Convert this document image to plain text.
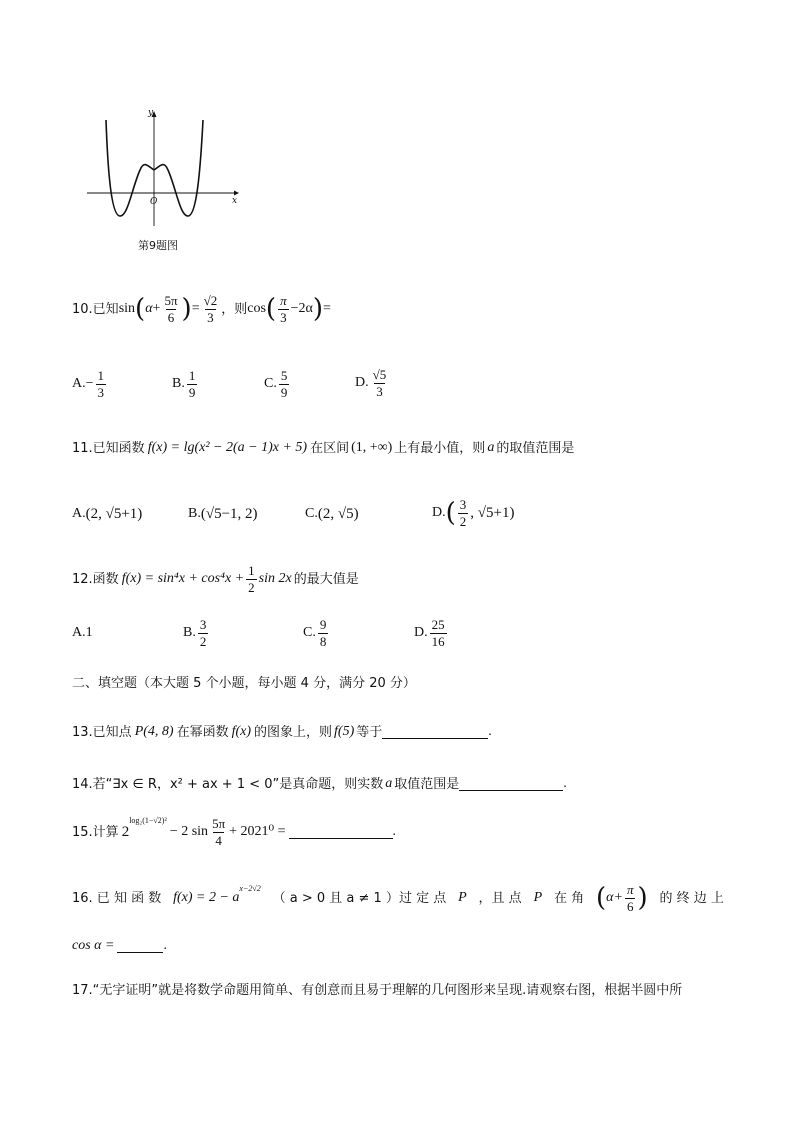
y
x
O
第9题图
10.已知 sin ( $\alpha + \frac{5\pi}{6}$ ) = $\frac{√2}{3}$ ，则 cos ( $\frac{\pi}{3} -2\alpha$ ) =
A. − $\frac{1}{3}$	B. $\frac{1}{9}$	C. $\frac{5}{9}$	D. $\frac{√5}{3}$
11.已知函数 f(x) = lg(x² − 2(a − 1)x + 5) 在区间 (1, +∞) 上有最小值，则 a 的取值范围是
A. (2, √5+1)	B. (√5−1, 2)	C. (2, √5)	D. ( $\frac{3}{2}$ , √5+1)
12.函数 $f(x) = \sin^4x + \cos^4x + \frac{1}{2}$ sin 2x 的最大值是
A. 1	B. $\frac{3}{2}$	C. $\frac{9}{8}$	D. $\frac{25}{16}$
二、填空题（本大题 5 个小题，每小题 4 分，满分 20 分）
13.已知点 P(4, 8) 在幂函数 f(x) 的图象上，则 f(5) 等于	.
14.若“∃x ∈ R，x² + ax + 1 < 0”是真命题，则实数 a 取值范围是	.
15.计算 2
log₂(1−√2)²
− 2 $\sin \frac{5\pi}{4} + 2021^0$ =	.
16. 已 知 函 数 f(x) = 2 − a
x−2√2
（ a > 0 且 a ≠ 1 ）过 定 点 P ，且 点 P 在 角 ( $\alpha+ \frac{\pi}{6}$ ) 的 终 边 上
cos α =	.
17.“无字证明”就是将数学命题用简单、有创意而且易于理解的几何图形来呈现.请观察右图，根据半圆中所
